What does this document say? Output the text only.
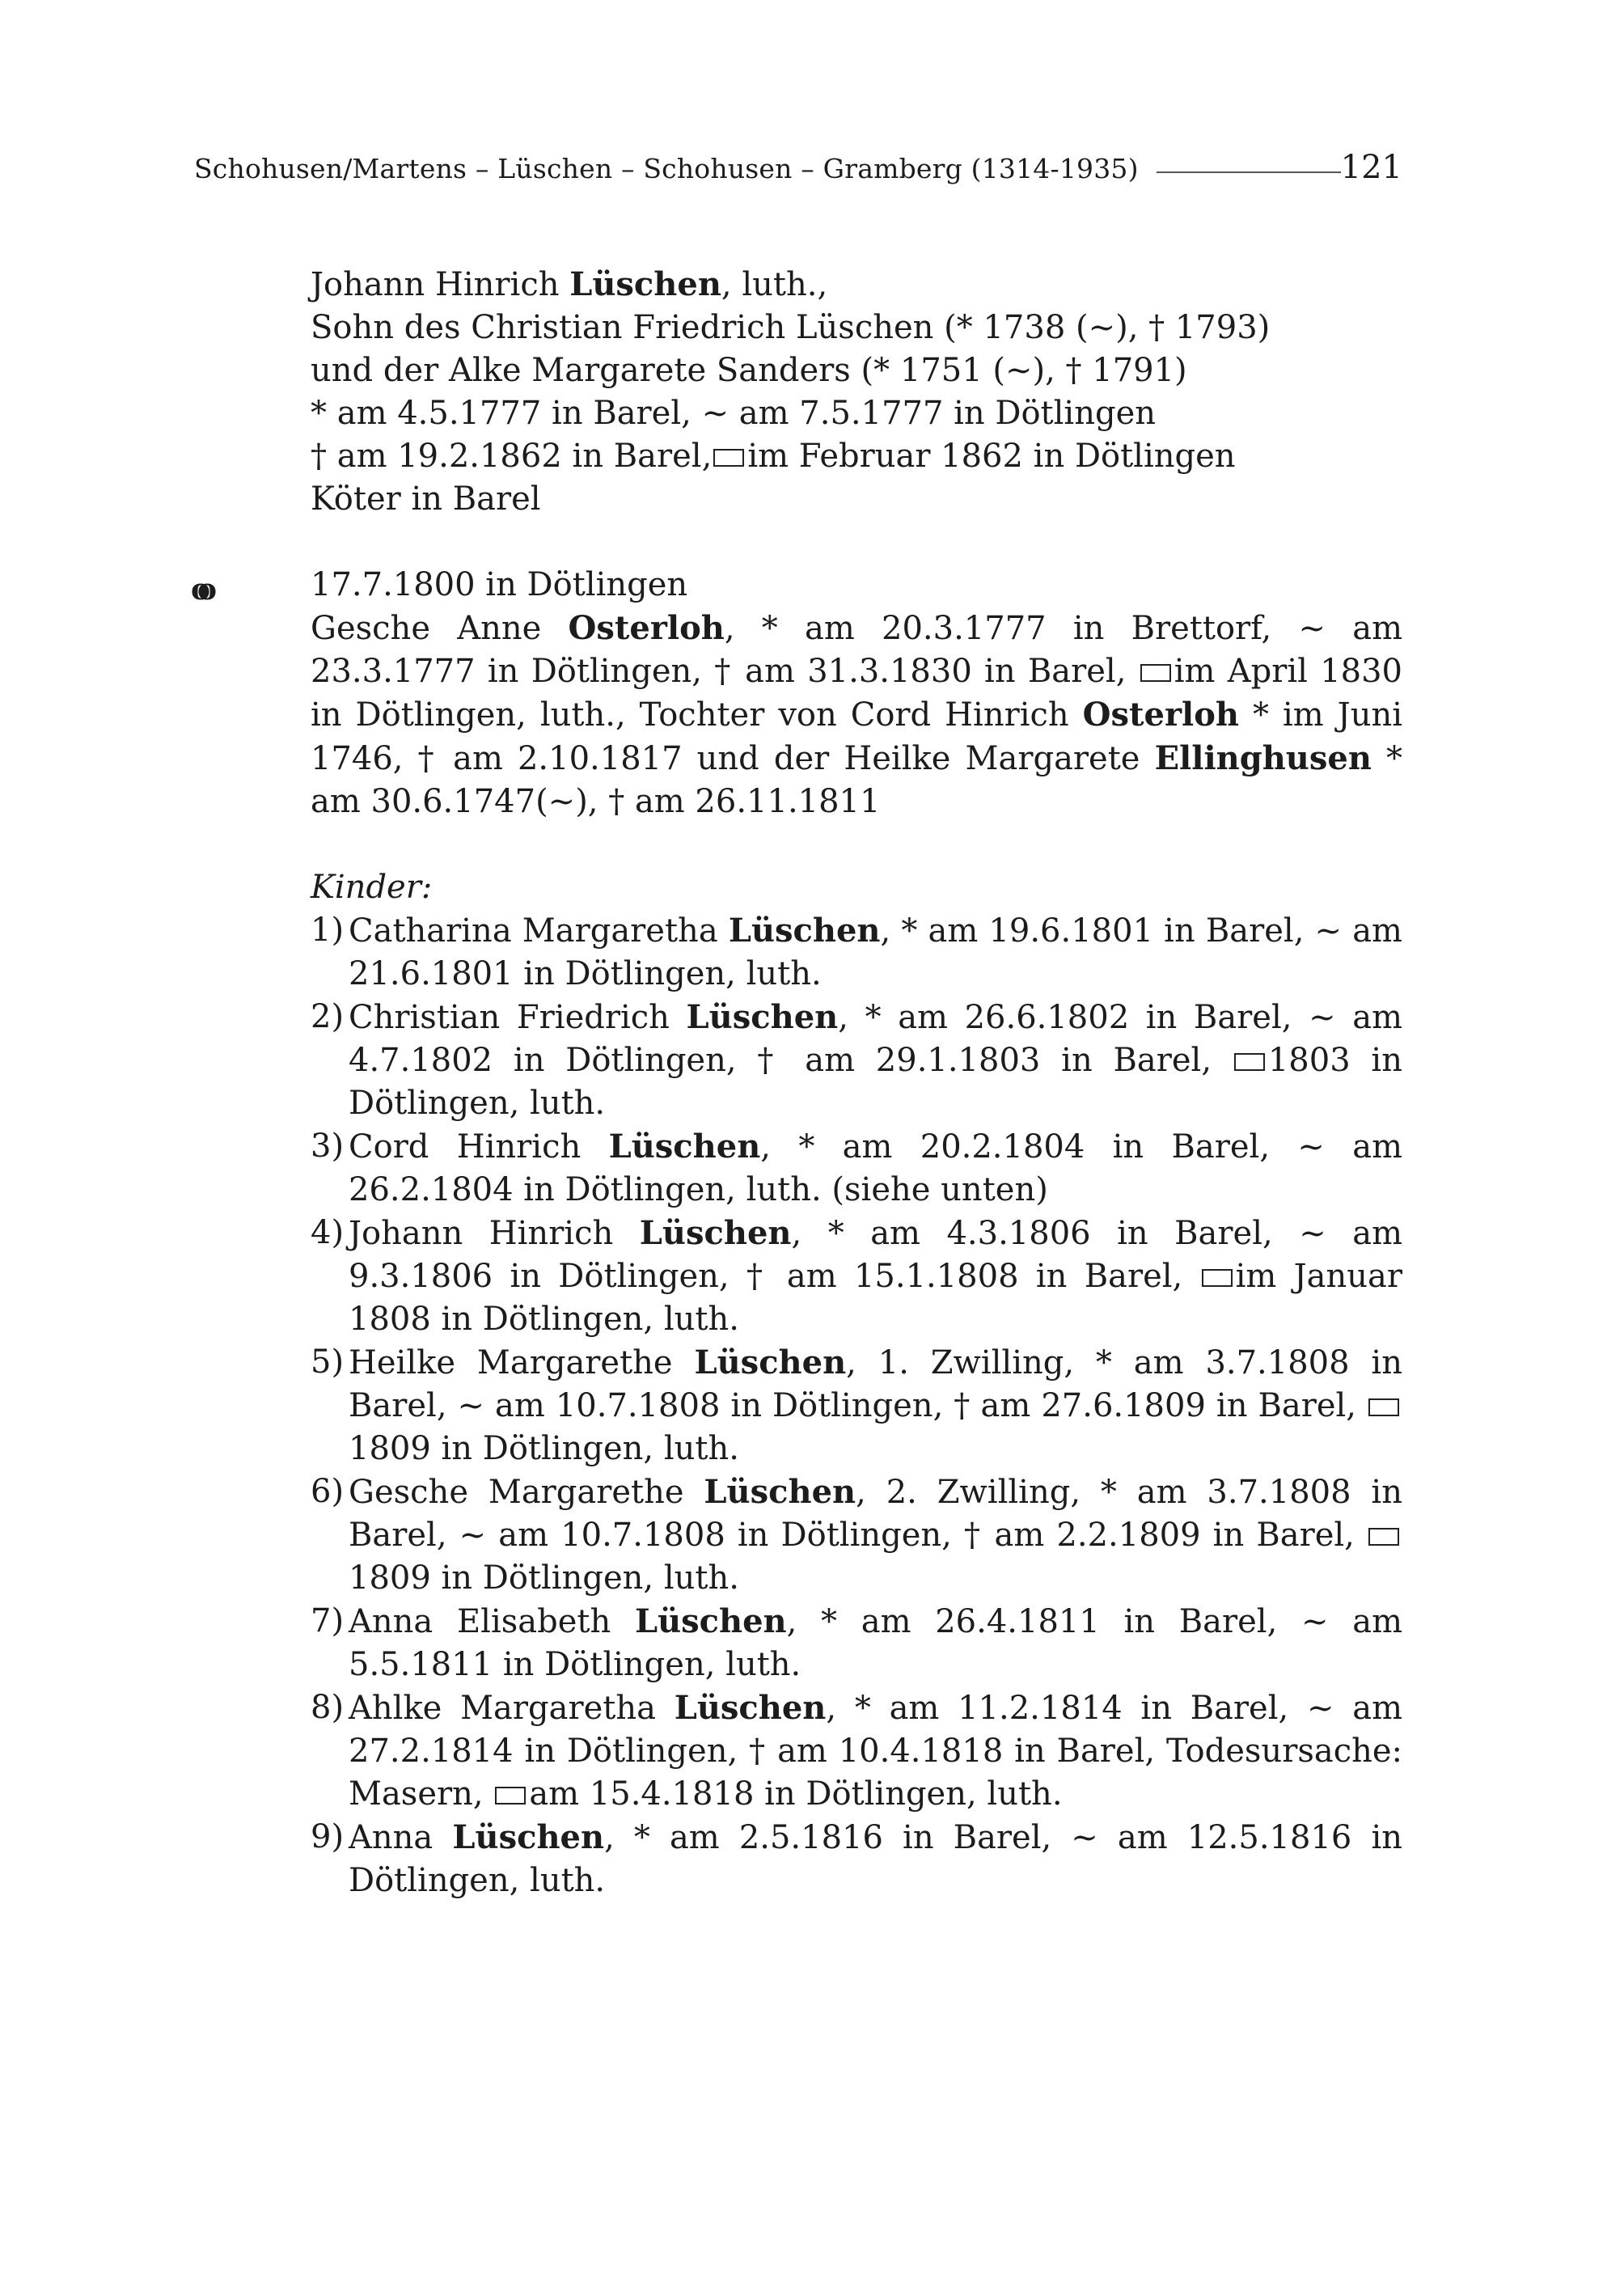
Schohusen/Martens – Lüschen – Schohusen – Gramberg (1314-1935)	121

Johann Hinrich Lüschen, luth.,

Sohn des Christian Friedrich Lüschen (* 1738 (~), † 1793)

und der Alke Margarete Sanders (* 1751 (~), † 1791)

* am 4.5.1777 in Barel, ~ am 7.5.1777 in Dötlingen

† am 19.2.1862 in Barel, im Februar 1862 in Dötlingen

Köter in Barel

oo	17.7.1800 in Dötlingen

Gesche Anne Osterloh, * am 20.3.1777 in Brettorf, ~ am 23.3.1777 in Dötlingen, † am 31.3.1830 in Barel, im April 1830 in Dötlingen, luth., Tochter von Cord Hinrich Osterloh * im Juni 1746, † am 2.10.1817 und der Heilke Margarete Ellinghusen * am 30.6.1747(~), † am 26.11.1811

Kinder:

1) Catharina Margaretha Lüschen, * am 19.6.1801 in Barel, ~ am 21.6.1801 in Dötlingen, luth.
2) Christian Friedrich Lüschen, * am 26.6.1802 in Barel, ~ am 4.7.1802 in Dötlingen, † am 29.1.1803 in Barel, 1803 in Dötlingen, luth.
3) Cord Hinrich Lüschen, * am 20.2.1804 in Barel, ~ am 26.2.1804 in Dötlingen, luth. (siehe unten)
4) Johann Hinrich Lüschen, * am 4.3.1806 in Barel, ~ am 9.3.1806 in Dötlingen, † am 15.1.1808 in Barel, im Januar 1808 in Dötlingen, luth.
5) Heilke Margarethe Lüschen, 1. Zwilling, * am 3.7.1808 in Barel, ~ am 10.7.1808 in Dötlingen, † am 27.6.1809 in Barel, 1809 in Dötlingen, luth.
6) Gesche Margarethe Lüschen, 2. Zwilling, * am 3.7.1808 in Barel, ~ am 10.7.1808 in Dötlingen, † am 2.2.1809 in Barel, 1809 in Dötlingen, luth.
7) Anna Elisabeth Lüschen, * am 26.4.1811 in Barel, ~ am 5.5.1811 in Dötlingen, luth.
8) Ahlke Margaretha Lüschen, * am 11.2.1814 in Barel, ~ am 27.2.1814 in Dötlingen, † am 10.4.1818 in Barel, Todesursache: Masern, am 15.4.1818 in Dötlingen, luth.
9) Anna Lüschen, * am 2.5.1816 in Barel, ~ am 12.5.1816 in Dötlingen, luth.
